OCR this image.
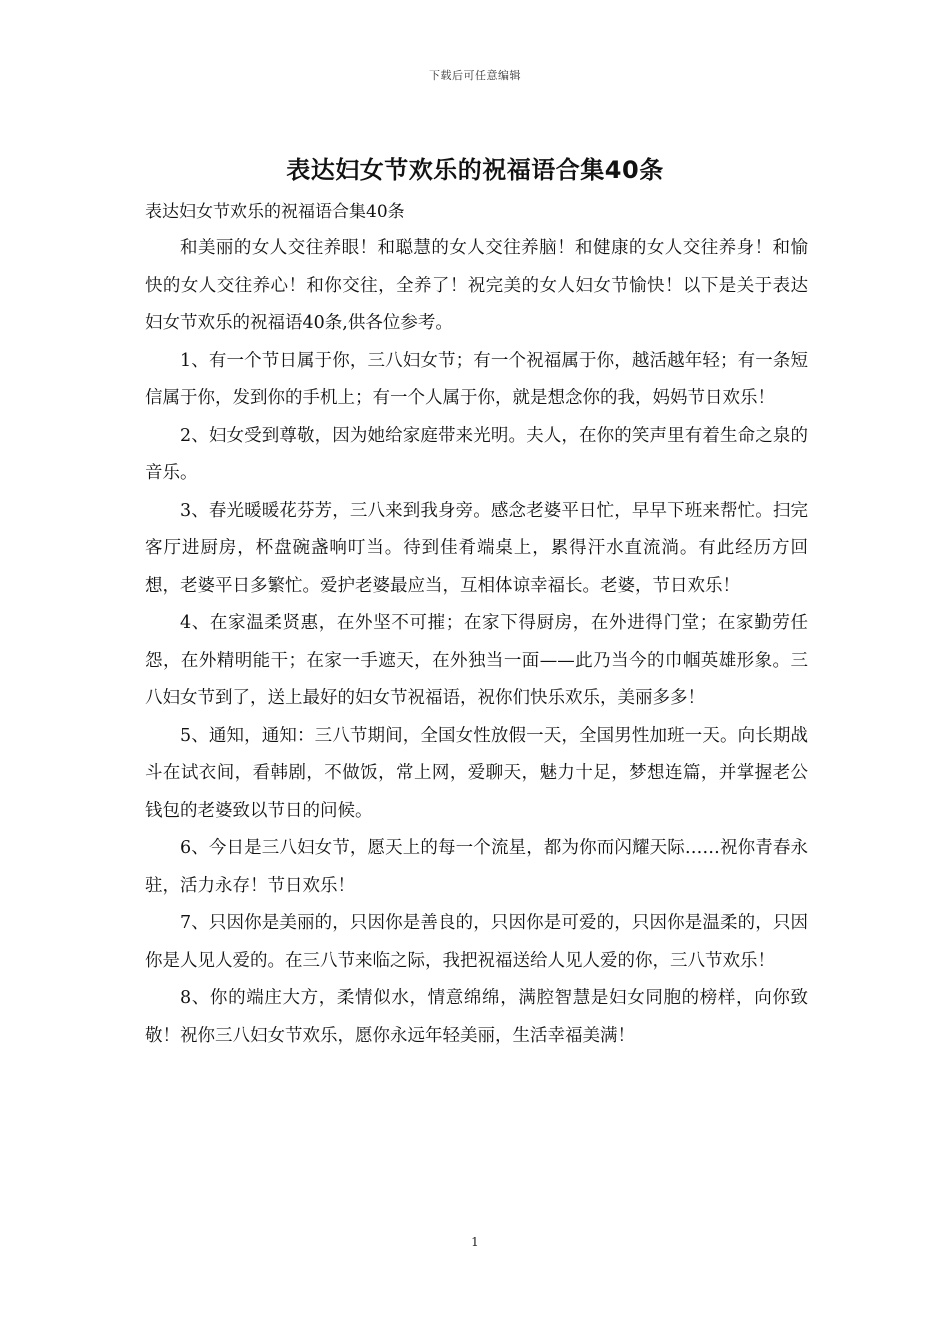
下载后可任意编辑
表达妇女节欢乐的祝福语合集40条

表达妇女节欢乐的祝福语合集40条

和美丽的女人交往养眼！和聪慧的女人交往养脑！和健康的女人交往养身！和愉快的女人交往养心！和你交往，全养了！祝完美的女人妇女节愉快！以下是关于表达妇女节欢乐的祝福语40条,供各位参考。

1、有一个节日属于你，三八妇女节；有一个祝福属于你，越活越年轻；有一条短信属于你，发到你的手机上；有一个人属于你，就是想念你的我，妈妈节日欢乐！

2、妇女受到尊敬，因为她给家庭带来光明。夫人，在你的笑声里有着生命之泉的音乐。

3、春光暖暖花芬芳，三八来到我身旁。感念老婆平日忙，早早下班来帮忙。扫完客厅进厨房，杯盘碗盏响叮当。待到佳肴端桌上，累得汗水直流淌。有此经历方回想，老婆平日多繁忙。爱护老婆最应当，互相体谅幸福长。老婆，节日欢乐！

4、在家温柔贤惠，在外坚不可摧；在家下得厨房，在外进得门堂；在家勤劳任怨，在外精明能干；在家一手遮天，在外独当一面——此乃当今的巾帼英雄形象。三八妇女节到了，送上最好的妇女节祝福语，祝你们快乐欢乐，美丽多多！

5、通知，通知：三八节期间，全国女性放假一天，全国男性加班一天。向长期战斗在试衣间，看韩剧，不做饭，常上网，爱聊天，魅力十足，梦想连篇，并掌握老公钱包的老婆致以节日的问候。

6、今日是三八妇女节，愿天上的每一个流星，都为你而闪耀天际……祝你青春永驻，活力永存！节日欢乐！

7、只因你是美丽的，只因你是善良的，只因你是可爱的，只因你是温柔的，只因你是人见人爱的。在三八节来临之际，我把祝福送给人见人爱的你，三八节欢乐！

8、你的端庄大方，柔情似水，情意绵绵，满腔智慧是妇女同胞的榜样，向你致敬！祝你三八妇女节欢乐，愿你永远年轻美丽，生活幸福美满！

1
